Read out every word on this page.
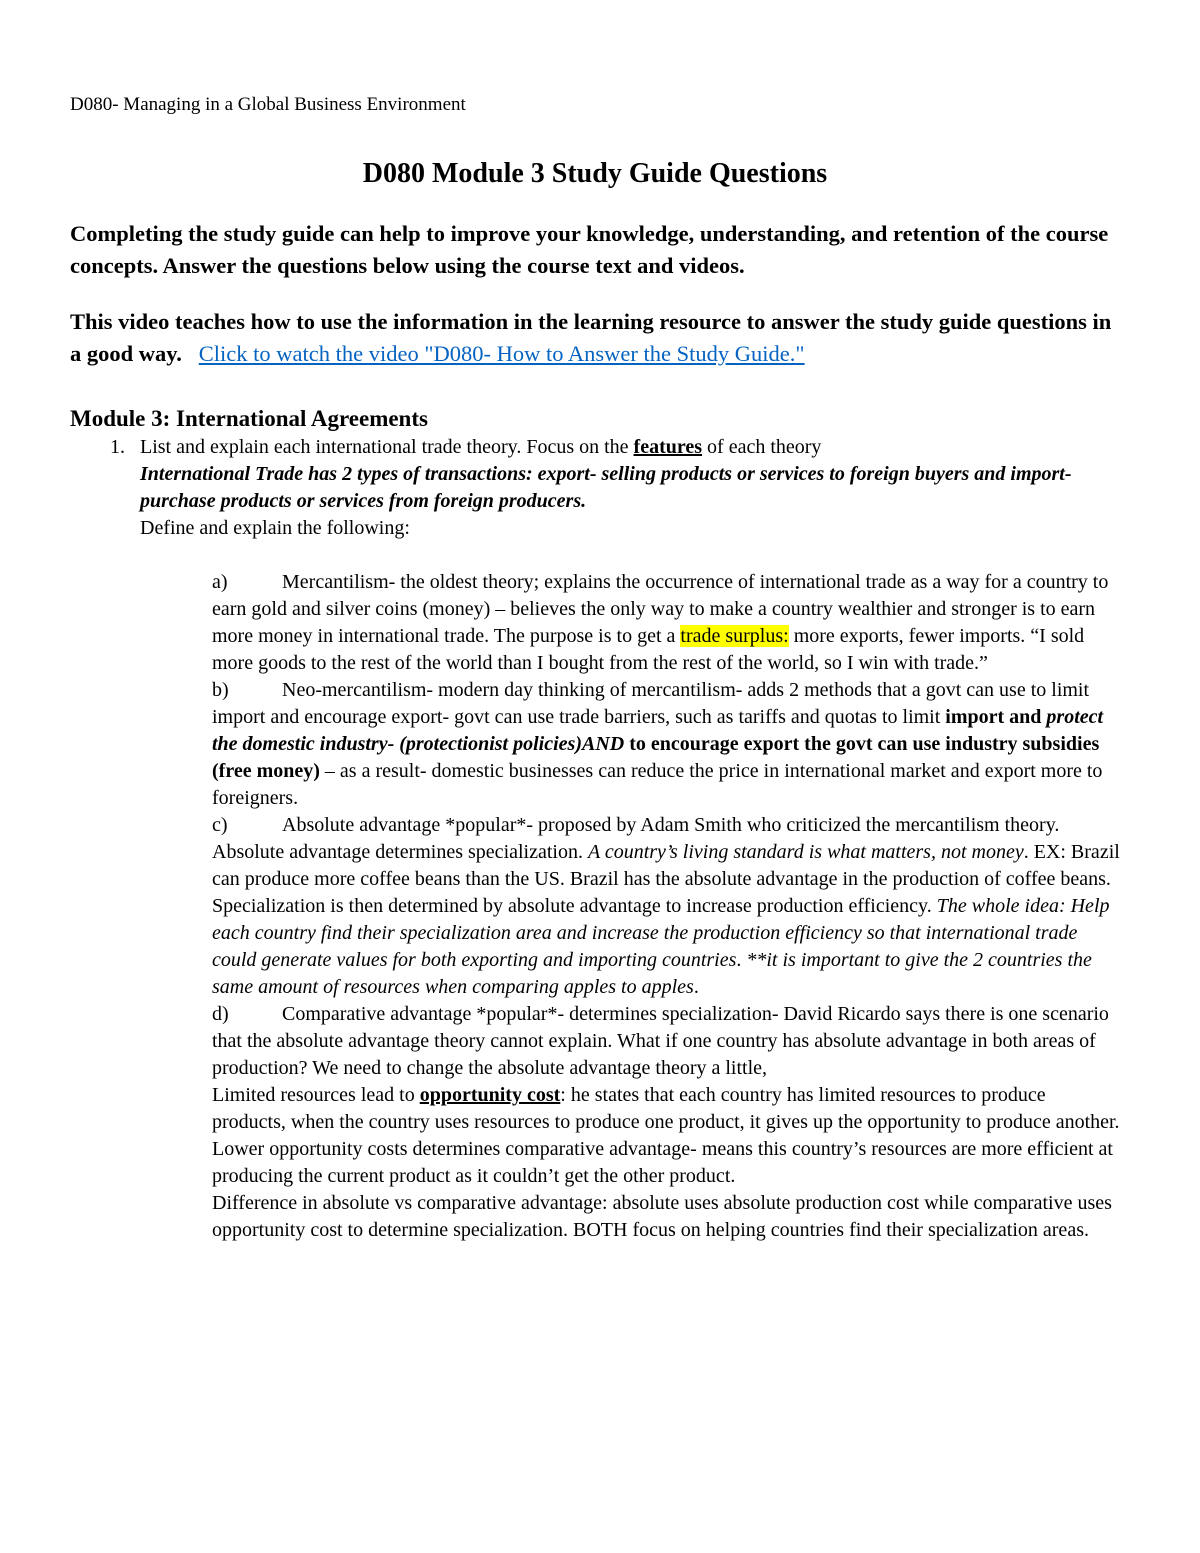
D080- Managing in a Global Business Environment
D080 Module 3 Study Guide Questions

Completing the study guide can help to improve your knowledge, understanding, and retention of the course concepts. Answer the questions below using the course text and videos.

This video teaches how to use the information in the learning resource to answer the study guide questions in a good way. Click to watch the video "D080- How to Answer the Study Guide."

Module 3: International Agreements
1. List and explain each international trade theory. Focus on the features of each theory
International Trade has 2 types of transactions: export- selling products or services to foreign buyers and import- purchase products or services from foreign producers.
Define and explain the following:

a)	Mercantilism- the oldest theory; explains the occurrence of international trade as a way for a country to earn gold and silver coins (money) – believes the only way to make a country wealthier and stronger is to earn more money in international trade. The purpose is to get a trade surplus: more exports, fewer imports. “I sold more goods to the rest of the world than I bought from the rest of the world, so I win with trade.”

b)	Neo-mercantilism- modern day thinking of mercantilism- adds 2 methods that a govt can use to limit import and encourage export- govt can use trade barriers, such as tariffs and quotas to limit import and protect the domestic industry- (protectionist policies)AND to encourage export the govt can use industry subsidies (free money) – as a result- domestic businesses can reduce the price in international market and export more to foreigners.

c)	Absolute advantage *popular*- proposed by Adam Smith who criticized the mercantilism theory. Absolute advantage determines specialization. A country’s living standard is what matters, not money. EX: Brazil can produce more coffee beans than the US. Brazil has the absolute advantage in the production of coffee beans. Specialization is then determined by absolute advantage to increase production efficiency. The whole idea: Help each country find their specialization area and increase the production efficiency so that international trade could generate values for both exporting and importing countries. **it is important to give the 2 countries the same amount of resources when comparing apples to apples.

d)	Comparative advantage *popular*- determines specialization- David Ricardo says there is one scenario that the absolute advantage theory cannot explain. What if one country has absolute advantage in both areas of production? We need to change the absolute advantage theory a little,

Limited resources lead to opportunity cost: he states that each country has limited resources to produce products, when the country uses resources to produce one product, it gives up the opportunity to produce another.

Lower opportunity costs determines comparative advantage- means this country’s resources are more efficient at producing the current product as it couldn’t get the other product.

Difference in absolute vs comparative advantage: absolute uses absolute production cost while comparative uses opportunity cost to determine specialization. BOTH focus on helping countries find their specialization areas.
